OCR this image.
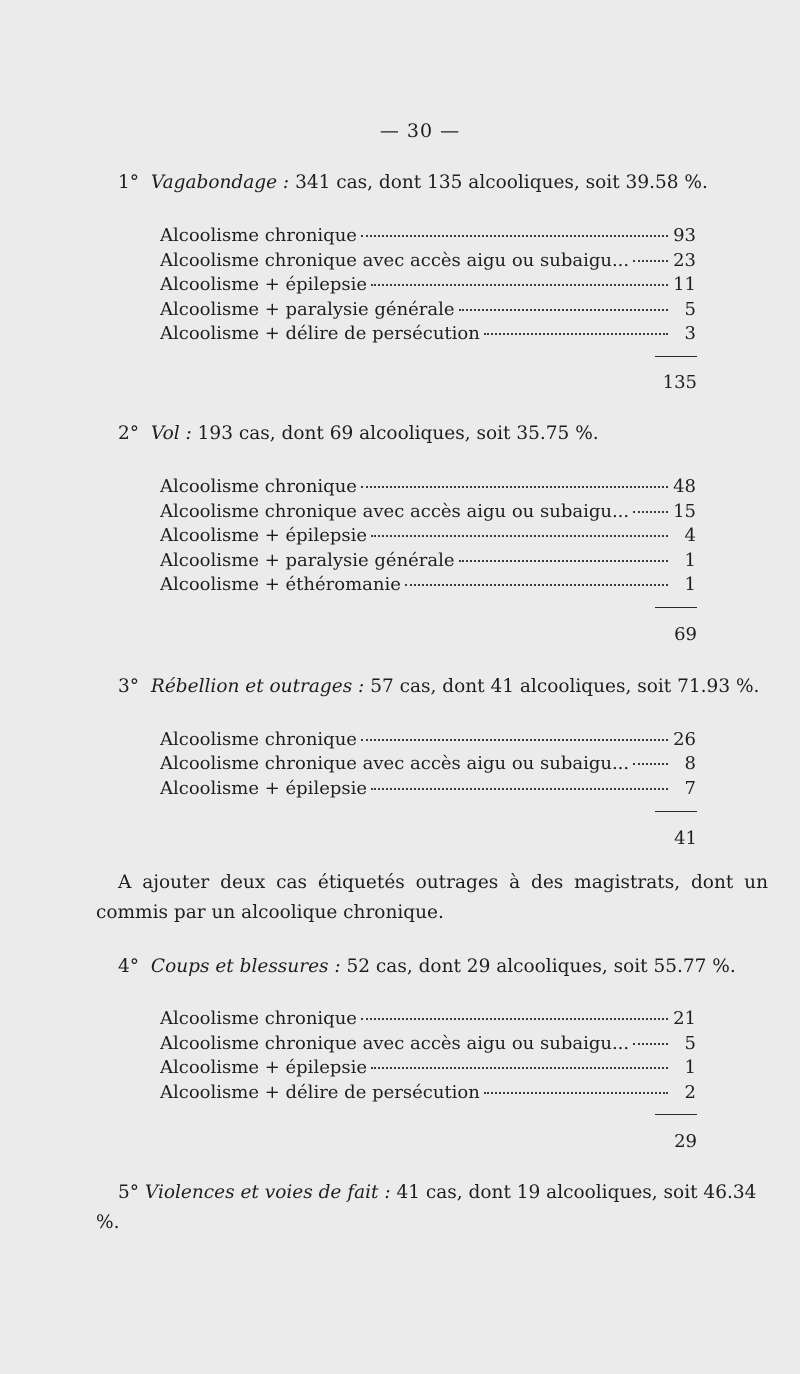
— 30 —
1° Vagabondage : 341 cas, dont 135 alcooliques, soit 39.58 %.
Alcoolisme chronique	93
Alcoolisme chronique avec accès aigu ou subaigu... 23
Alcoolisme + épilepsie	11
Alcoolisme + paralysie générale	5
Alcoolisme + délire de persécution	3
135
2° Vol : 193 cas, dont 69 alcooliques, soit 35.75 %.
Alcoolisme chronique	48
Alcoolisme chronique avec accès aigu ou subaigu... 15
Alcoolisme + épilepsie	4
Alcoolisme + paralysie générale	1
Alcoolisme + éthéromanie	1
69
3° Rébellion et outrages : 57 cas, dont 41 alcooliques, soit 71.93 %.
Alcoolisme chronique	26
Alcoolisme chronique avec accès aigu ou subaigu...	8
Alcoolisme + épilepsie	7
41
A ajouter deux cas étiquetés outrages à des magistrats, dont un commis par un alcoolique chronique.
4° Coups et blessures : 52 cas, dont 29 alcooliques, soit 55.77 %.
Alcoolisme chronique	21
Alcoolisme chronique avec accès aigu ou subaigu...	5
Alcoolisme + épilepsie	1
Alcoolisme + délire de persécution	2
29
5° Violences et voies de fait : 41 cas, dont 19 alcooliques, soit 46.34 %.
